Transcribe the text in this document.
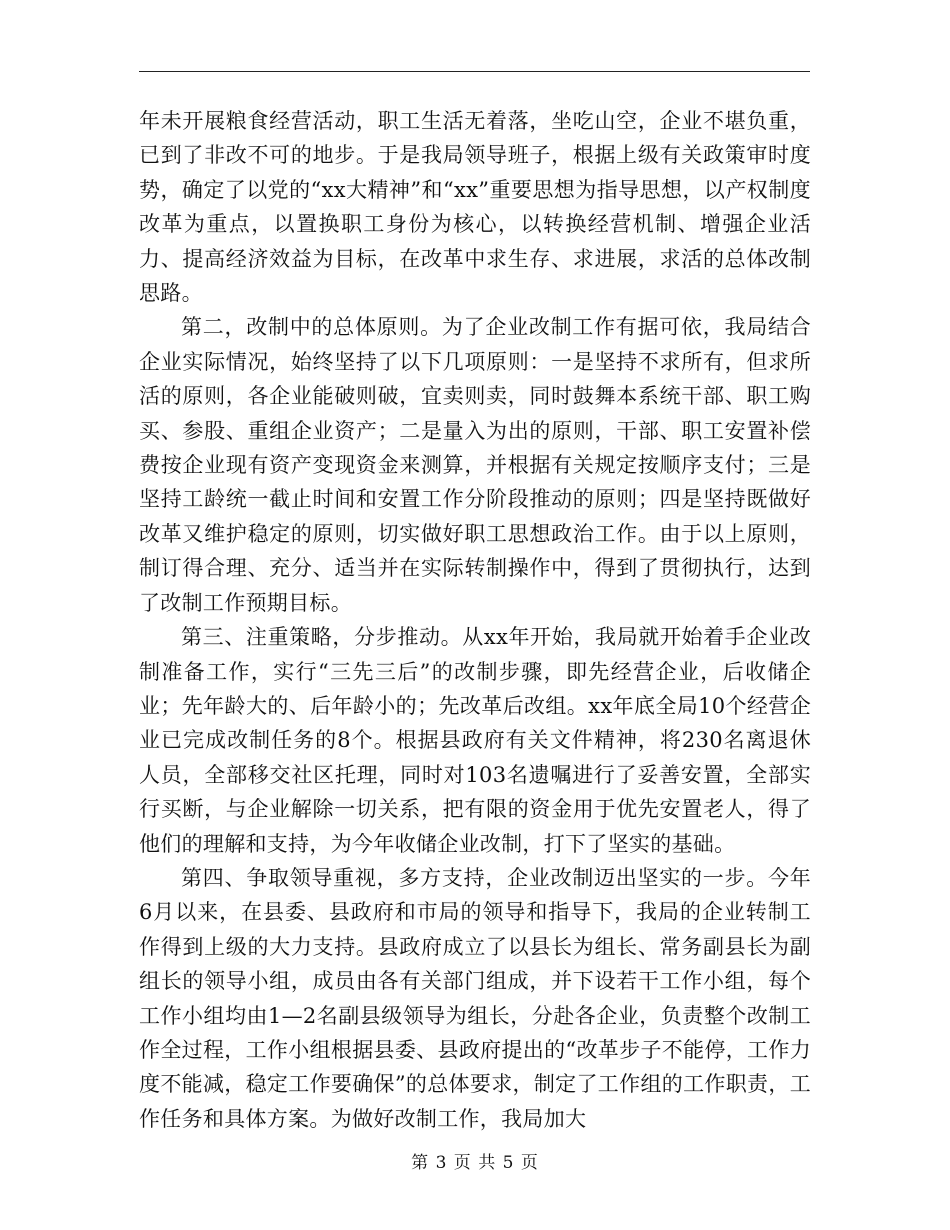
年未开展粮食经营活动，职工生活无着落，坐吃山空，企业不堪负重，已到了非改不可的地步。于是我局领导班子，根据上级有关政策审时度势，确定了以党的“xx大精神”和“xx”重要思想为指导思想，以产权制度改革为重点，以置换职工身份为核心，以转换经营机制、增强企业活力、提高经济效益为目标，在改革中求生存、求进展，求活的总体改制思路。

第二，改制中的总体原则。为了企业改制工作有据可依，我局结合企业实际情况，始终坚持了以下几项原则：一是坚持不求所有，但求所活的原则，各企业能破则破，宜卖则卖，同时鼓舞本系统干部、职工购买、参股、重组企业资产；二是量入为出的原则，干部、职工安置补偿费按企业现有资产变现资金来测算，并根据有关规定按顺序支付；三是坚持工龄统一截止时间和安置工作分阶段推动的原则；四是坚持既做好改革又维护稳定的原则，切实做好职工思想政治工作。由于以上原则，制订得合理、充分、适当并在实际转制操作中，得到了贯彻执行，达到了改制工作预期目标。

第三、注重策略，分步推动。从xx年开始，我局就开始着手企业改制准备工作，实行“三先三后”的改制步骤，即先经营企业，后收储企业；先年龄大的、后年龄小的；先改革后改组。xx年底全局10个经营企业已完成改制任务的8个。根据县政府有关文件精神，将230名离退休人员，全部移交社区托理，同时对103名遗嘱进行了妥善安置，全部实行买断，与企业解除一切关系，把有限的资金用于优先安置老人，得了他们的理解和支持，为今年收储企业改制，打下了坚实的基础。

第四、争取领导重视，多方支持，企业改制迈出坚实的一步。今年6月以来，在县委、县政府和市局的领导和指导下，我局的企业转制工作得到上级的大力支持。县政府成立了以县长为组长、常务副县长为副组长的领导小组，成员由各有关部门组成，并下设若干工作小组，每个工作小组均由1—2名副县级领导为组长，分赴各企业，负责整个改制工作全过程，工作小组根据县委、县政府提出的“改革步子不能停，工作力度不能减，稳定工作要确保”的总体要求，制定了工作组的工作职责，工作任务和具体方案。为做好改制工作，我局加大

第 3 页 共 5 页
